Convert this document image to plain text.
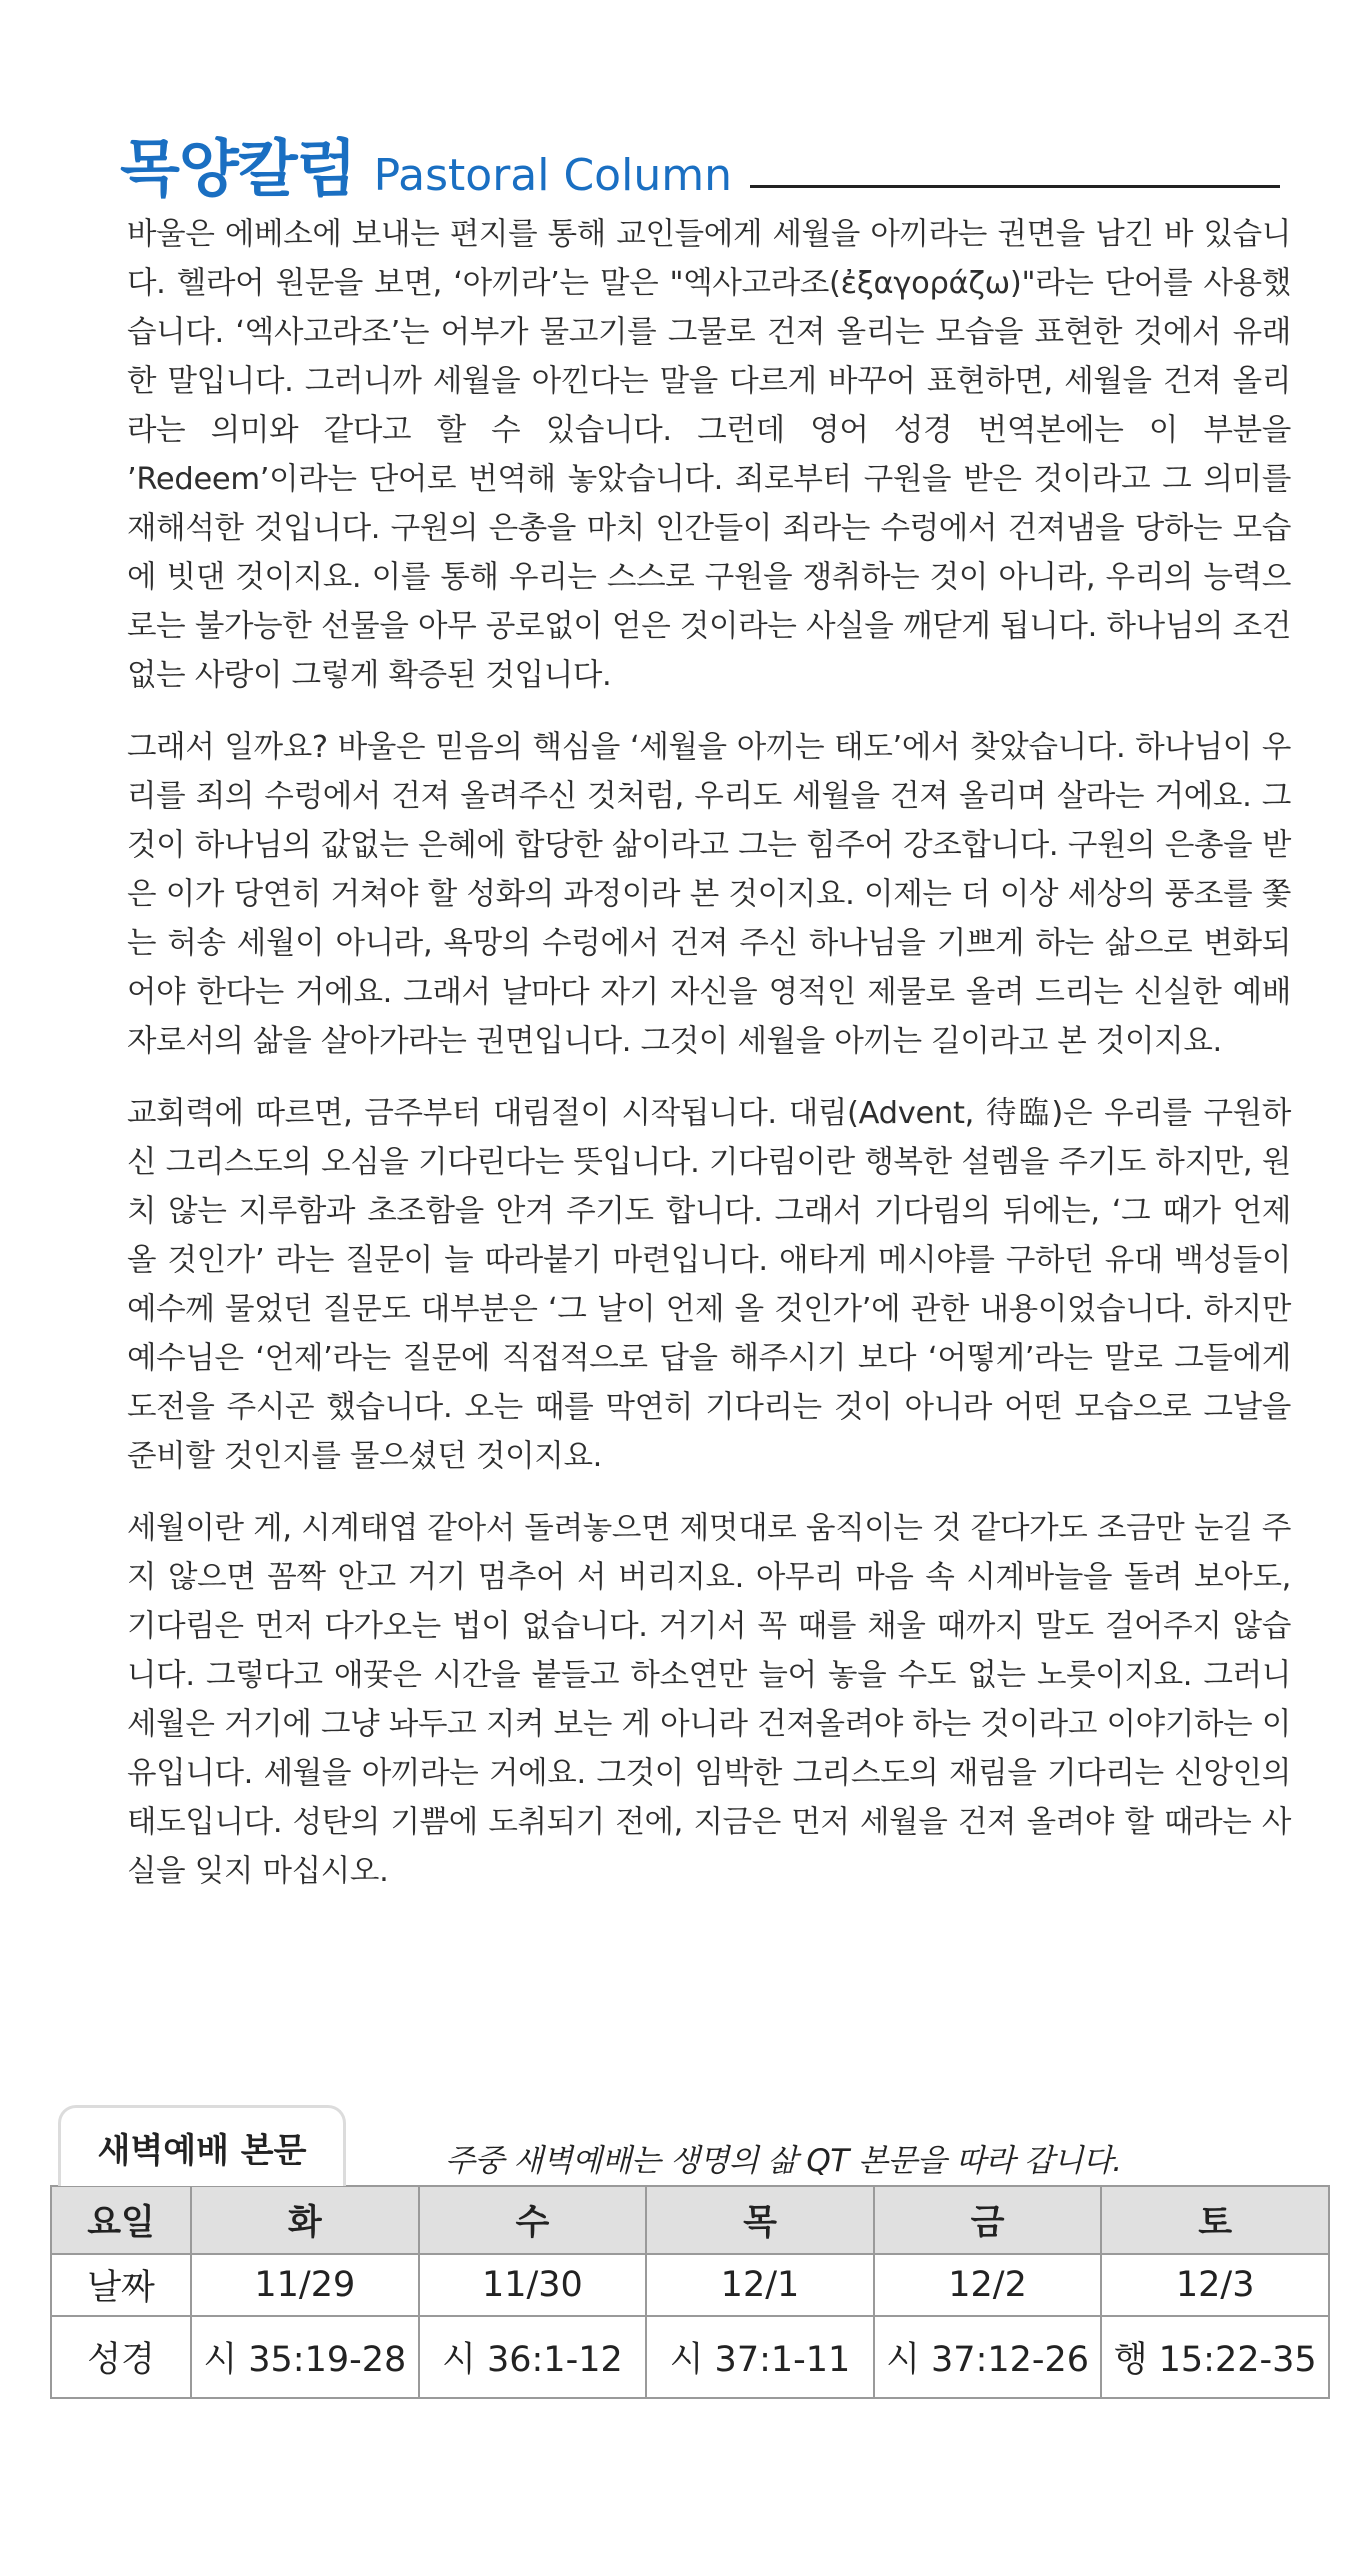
목양칼럼 Pastoral Column

바울은 에베소에 보내는 편지를 통해 교인들에게 세월을 아끼라는 권면을 남긴 바 있습니다. 헬라어 원문을 보면, ‘아끼라’는 말은 "엑사고라조(ἐξαγοράζω)"라는 단어를 사용했습니다. ‘엑사고라조’는 어부가 물고기를 그물로 건져 올리는 모습을 표현한 것에서 유래한 말입니다. 그러니까 세월을 아낀다는 말을 다르게 바꾸어 표현하면, 세월을 건져 올리라는 의미와 같다고 할 수 있습니다. 그런데 영어 성경 번역본에는 이 부분을 ’Redeem’이라는 단어로 번역해 놓았습니다. 죄로부터 구원을 받은 것이라고 그 의미를 재해석한 것입니다. 구원의 은총을 마치 인간들이 죄라는 수렁에서 건져냄을 당하는 모습에 빗댄 것이지요. 이를 통해 우리는 스스로 구원을 쟁취하는 것이 아니라, 우리의 능력으로는 불가능한 선물을 아무 공로없이 얻은 것이라는 사실을 깨닫게 됩니다. 하나님의 조건없는 사랑이 그렇게 확증된 것입니다.

그래서 일까요? 바울은 믿음의 핵심을 ‘세월을 아끼는 태도’에서 찾았습니다. 하나님이 우리를 죄의 수렁에서 건져 올려주신 것처럼, 우리도 세월을 건져 올리며 살라는 거에요. 그것이 하나님의 값없는 은혜에 합당한 삶이라고 그는 힘주어 강조합니다. 구원의 은총을 받은 이가 당연히 거쳐야 할 성화의 과정이라 본 것이지요. 이제는 더 이상 세상의 풍조를 쫓는 허송 세월이 아니라, 욕망의 수렁에서 건져 주신 하나님을 기쁘게 하는 삶으로 변화되어야 한다는 거에요. 그래서 날마다 자기 자신을 영적인 제물로 올려 드리는 신실한 예배자로서의 삶을 살아가라는 권면입니다. 그것이 세월을 아끼는 길이라고 본 것이지요.

교회력에 따르면, 금주부터 대림절이 시작됩니다. 대림(Advent, 待臨)은 우리를 구원하신 그리스도의 오심을 기다린다는 뜻입니다. 기다림이란 행복한 설렘을 주기도 하지만, 원치 않는 지루함과 초조함을 안겨 주기도 합니다. 그래서 기다림의 뒤에는, ‘그 때가 언제 올 것인가’ 라는 질문이 늘 따라붙기 마련입니다. 애타게 메시야를 구하던 유대 백성들이 예수께 물었던 질문도 대부분은 ‘그 날이 언제 올 것인가’에 관한 내용이었습니다. 하지만 예수님은 ‘언제’라는 질문에 직접적으로 답을 해주시기 보다 ‘어떻게’라는 말로 그들에게 도전을 주시곤 했습니다. 오는 때를 막연히 기다리는 것이 아니라 어떤 모습으로 그날을 준비할 것인지를 물으셨던 것이지요.

세월이란 게, 시계태엽 같아서 돌려놓으면 제멋대로 움직이는 것 같다가도 조금만 눈길 주지 않으면 꼼짝 안고 거기 멈추어 서 버리지요. 아무리 마음 속 시계바늘을 돌려 보아도, 기다림은 먼저 다가오는 법이 없습니다. 거기서 꼭 때를 채울 때까지 말도 걸어주지 않습니다. 그렇다고 애꿎은 시간을 붙들고 하소연만 늘어 놓을 수도 없는 노릇이지요. 그러니 세월은 거기에 그냥 놔두고 지켜 보는 게 아니라 건져올려야 하는 것이라고 이야기하는 이유입니다. 세월을 아끼라는 거에요. 그것이 임박한 그리스도의 재림을 기다리는 신앙인의 태도입니다. 성탄의 기쁨에 도취되기 전에, 지금은 먼저 세월을 건져 올려야 할 때라는 사실을 잊지 마십시오.

새벽예배 본문	주중 새벽예배는 생명의 삶 QT 본문을 따라 갑니다.
요일	화	수	목	금	토
날짜	11/29	11/30	12/1	12/2	12/3
성경	시 35:19-28	시 36:1-12	시 37:1-11	시 37:12-26	행 15:22-35
